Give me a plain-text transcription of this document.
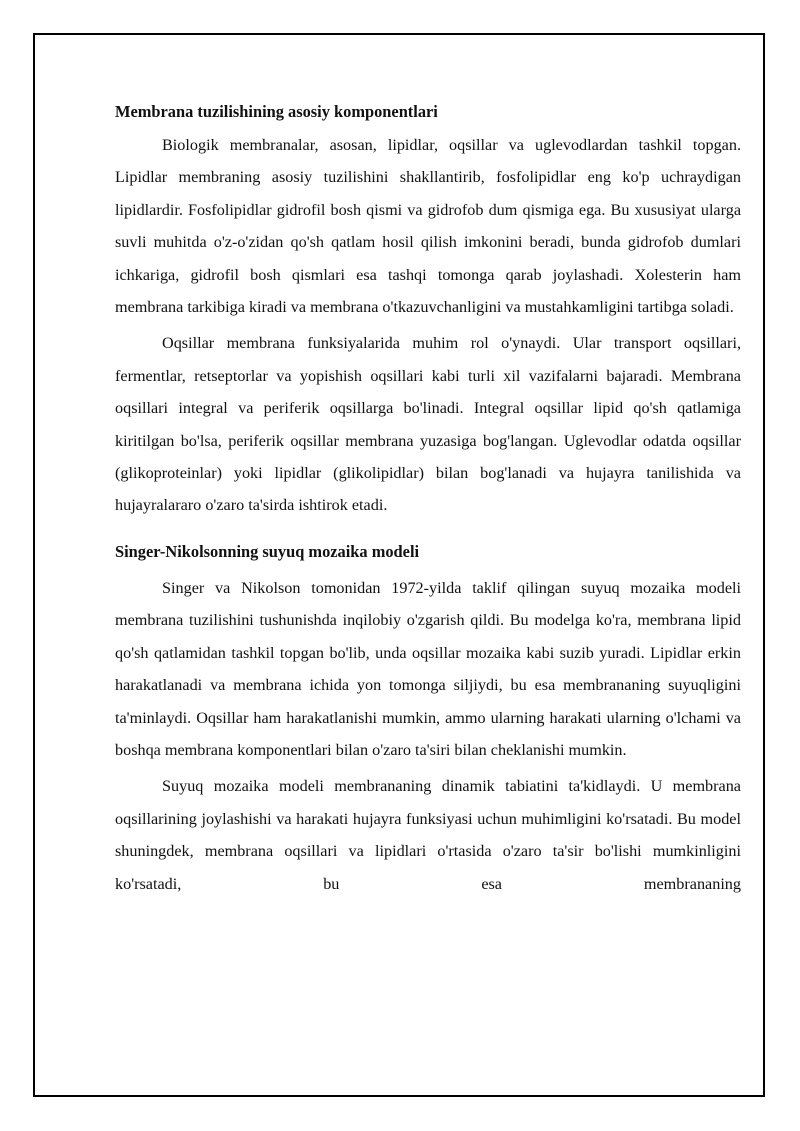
Membrana tuzilishining asosiy komponentlari

Biologik membranalar, asosan, lipidlar, oqsillar va uglevodlardan tashkil topgan. Lipidlar membraning asosiy tuzilishini shakllantirib, fosfolipidlar eng ko'p uchraydigan lipidlardir. Fosfolipidlar gidrofil bosh qismi va gidrofob dum qismiga ega. Bu xususiyat ularga suvli muhitda o'z-o'zidan qo'sh qatlam hosil qilish imkonini beradi, bunda gidrofob dumlari ichkariga, gidrofil bosh qismlari esa tashqi tomonga qarab joylashadi. Xolesterin ham membrana tarkibiga kiradi va membrana o'tkazuvchanligini va mustahkamligini tartibga soladi.

Oqsillar membrana funksiyalarida muhim rol o'ynaydi. Ular transport oqsillari, fermentlar, retseptorlar va yopishish oqsillari kabi turli xil vazifalarni bajaradi. Membrana oqsillari integral va periferik oqsillarga bo'linadi. Integral oqsillar lipid qo'sh qatlamiga kiritilgan bo'lsa, periferik oqsillar membrana yuzasiga bog'langan. Uglevodlar odatda oqsillar (glikoproteinlar) yoki lipidlar (glikolipidlar) bilan bog'lanadi va hujayra tanilishida va hujayralararo o'zaro ta'sirda ishtirok etadi.

Singer-Nikolsonning suyuq mozaika modeli

Singer va Nikolson tomonidan 1972-yilda taklif qilingan suyuq mozaika modeli membrana tuzilishini tushunishda inqilobiy o'zgarish qildi. Bu modelga ko'ra, membrana lipid qo'sh qatlamidan tashkil topgan bo'lib, unda oqsillar mozaika kabi suzib yuradi. Lipidlar erkin harakatlanadi va membrana ichida yon tomonga siljiydi, bu esa membrananing suyuqligini ta'minlaydi. Oqsillar ham harakatlanishi mumkin, ammo ularning harakati ularning o'lchami va boshqa membrana komponentlari bilan o'zaro ta'siri bilan cheklanishi mumkin.

Suyuq mozaika modeli membrananing dinamik tabiatini ta'kidlaydi. U membrana oqsillarining joylashishi va harakati hujayra funksiyasi uchun muhimligini ko'rsatadi. Bu model shuningdek, membrana oqsillari va lipidlari o'rtasida o'zaro ta'sir bo'lishi mumkinligini ko'rsatadi, bu esa membrananing
